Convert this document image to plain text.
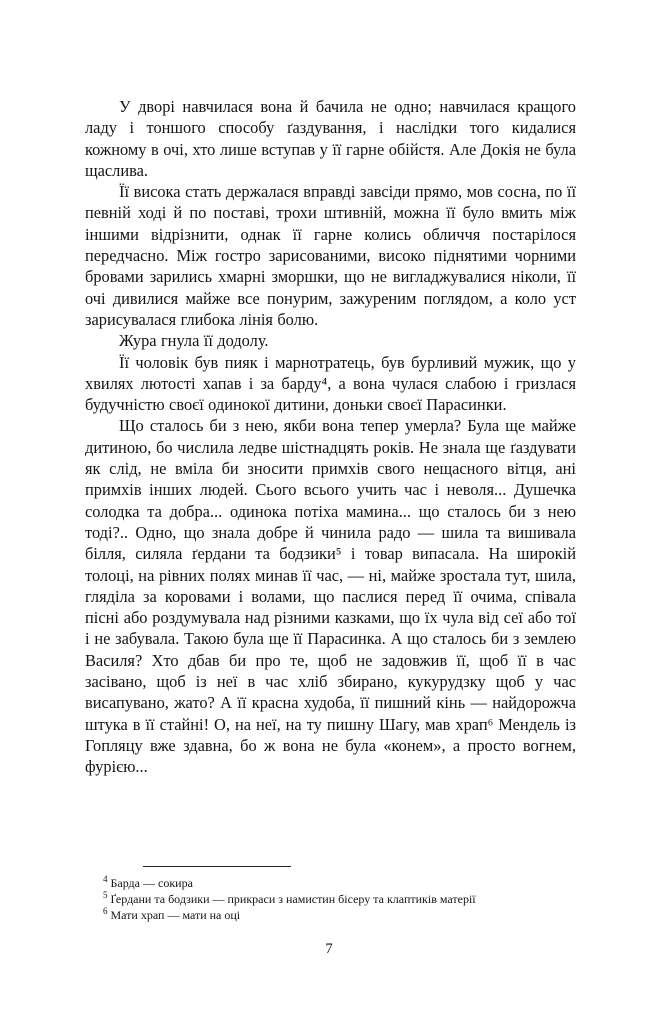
У дворі навчилася вона й бачила не одно; навчилася кращого ладу і тоншого способу ґаздування, і наслідки того кидалися кожному в очі, хто лише вступав у її гарне обійстя. Але Докія не була щаслива.

Її висока стать держалася вправді завсіди прямо, мов сосна, по її певній ході й по поставі, трохи штивній, можна її було вмить між іншими відрізнити, однак її гарне колись обличчя постарілося передчасно. Між гостро зарисованими, високо піднятими чорними бровами зарились хмарні зморшки, що не вигладжувалися ніколи, її очі дивилися майже все понурим, зажуреним поглядом, а коло уст зарисувалася глибока лінія болю.

Жура гнула її додолу.

Її чоловік був пияк і марнотратець, був бурливий мужик, що у хвилях лютості хапав і за барду⁴, а вона чулася слабою і гризлася будучністю своєї одинокої дитини, доньки своєї Парасинки.

Що сталось би з нею, якби вона тепер умерла? Була ще майже дитиною, бо числила ледве шістнадцять років. Не знала ще ґаздувати як слід, не вміла би зносити примхів свого нещасного вітця, ані примхів інших людей. Сього всього учить час і неволя... Душечка солодка та добра... одинока потіха мамина... що сталось би з нею тоді?.. Одно, що знала добре й чинила радо — шила та вишивала білля, силяла ґердани та бодзики⁵ і товар випасала. На широкій толоці, на рівних полях минав її час, — ні, майже зростала тут, шила, гляділа за коровами і волами, що паслися перед її очима, співала пісні або роздумувала над різними казками, що їх чула від сеї або тої і не забувала. Такою була ще її Парасинка. А що сталось би з землею Василя? Хто дбав би про те, щоб не задовжив її, щоб її в час засівано, щоб із неї в час хліб збирано, кукурудзку щоб у час висапувано, жато? А її красна худоба, її пишний кінь — найдорожча штука в її стайні! О, на неї, на ту пишну Шагу, мав храп⁶ Мендель із Гопляцу вже здавна, бо ж вона не була «конем», а просто вогнем, фурією...

$^4$ Барда — сокира
$^5$ Ґердани та бодзики — прикраси з намистин бісеру та клаптиків матерії
$^6$ Мати храп — мати на оці
7
